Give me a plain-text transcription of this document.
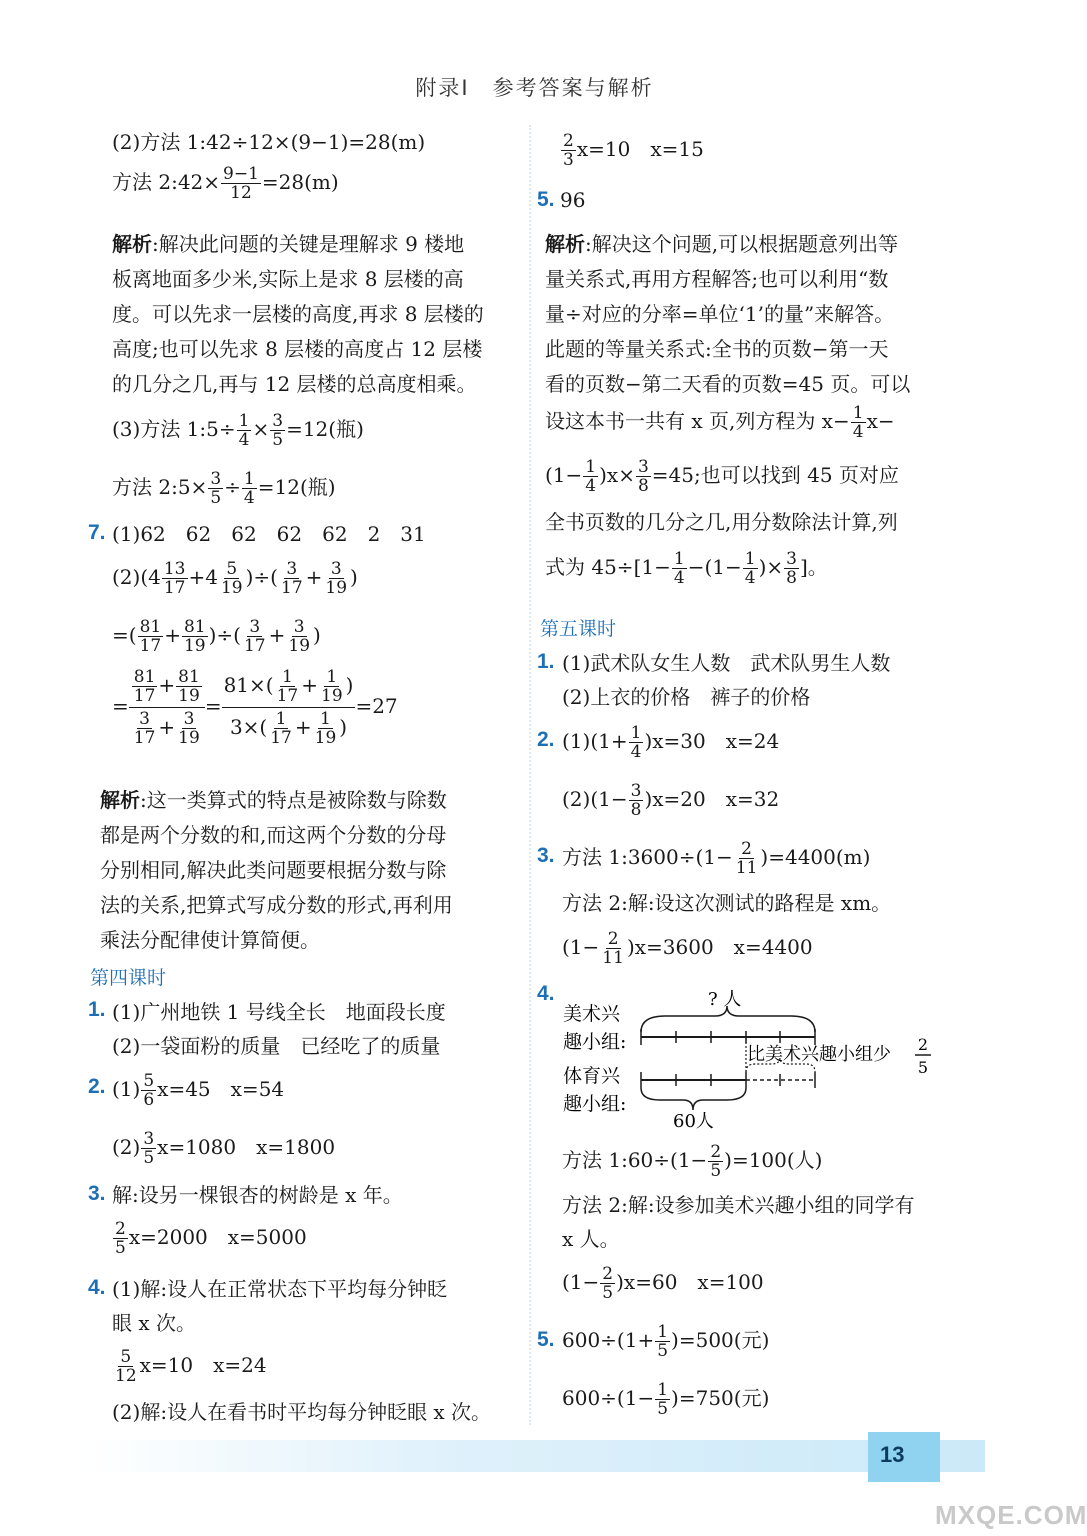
附录Ⅰ　参考答案与解析
(2)方法 1:42÷12×(9−1)=28(m)
方法 2:42× $\frac{9-1}{12} =28(m)$
解析:解决此问题的关键是理解求 9 楼地
板离地面多少米,实际上是求 8 层楼的高
度。可以先求一层楼的高度,再求 8 层楼的
高度;也可以先求 8 层楼的高度占 12 层楼
的几分之几,再与 12 层楼的总高度相乘。
(3)方法 1:5÷ $\frac{1}{4} \times \frac{3}{5} =12$(瓶)
方法 2:5× $\frac{3}{5} \div \frac{1}{4} =12$(瓶)
7. (1)62　62　62　62　62　2　31
$(2)(4 \frac{13}{17} +4 \frac{5}{19}$ )÷( $\frac{3}{17} + \frac{3}{19}$ )
=( $\frac{81}{17} + \frac{81}{19}$ )÷( $\frac{3}{17} + \frac{3}{19}$ )
= $\frac{\frac{81}{17} + \frac{81}{19}}{\frac{3}{17} + \frac{3}{19}} = \frac{81\times( \frac{1}{17} + \frac{1}{19} )}{3\times( \frac{1}{17} + \frac{1}{19} )} =27$
解析:这一类算式的特点是被除数与除数
都是两个分数的和,而这两个分数的分母
分别相同,解决此类问题要根据分数与除
法的关系,把算式写成分数的形式,再利用
乘法分配律使计算简便。
第四课时
1. (1)广州地铁 1 号线全长　地面段长度
(2)一袋面粉的质量　已经吃了的质量
2. $(1) \frac{5}{6} x=45$　x=54
$(2) \frac{3}{5} x=1080$　x=1800
3. 解:设另一棵银杏的树龄是 x 年。
$\frac{2}{5} x=2000$　x=5000
4. (1)解:设人在正常状态下平均每分钟眨
眼 x 次。
$\frac{5}{12} x=10$　x=24
(2)解:设人在看书时平均每分钟眨眼 x 次。
$\frac{2}{3} x=10$　x=15
5. 96
解析:解决这个问题,可以根据题意列出等
量关系式,再用方程解答;也可以利用“数
量÷对应的分率=单位‘1’的量”来解答。
此题的等量关系式:全书的页数−第一天
看的页数−第二天看的页数=45 页。可以
设这本书一共有 x 页,列方程为 $x- \frac{1}{4} x-$
$(1- \frac{1}{4} )x\times \frac{3}{8} =45$;也可以找到 45 页对应
全书页数的几分之几,用分数除法计算,列
式为 $45\div[1- \frac{1}{4} -(1- \frac{1}{4}$ )× $\frac{3}{8}$ ]。
第五课时
1. (1)武术队女生人数　武术队男生人数
(2)上衣的价格　裤子的价格
2. $(1)(1+ \frac{1}{4} )x=30$　x=24
$(2)(1- \frac{3}{8} )x=20$　x=32
3. 方法 1:3600÷(1− $\frac{2}{11} )=4400(m)$
方法 2:解:设这次测试的路程是 xm。
$(1- \frac{2}{11} )x=3600$　x=4400
4.
美术兴
趣小组:
体育兴
趣小组:
? 人
60人
比美术兴趣小组少 2
5
方法 1:60÷(1− $\frac{2}{5} )=100$(人)
方法 2:解:设参加美术兴趣小组的同学有
x 人。
$(1- \frac{2}{5} )x=60$　x=100
5. $600\div(1+ \frac{1}{5} )=500$(元)
$600\div(1- \frac{1}{5} )=750$(元)
13
MXQE.COM
